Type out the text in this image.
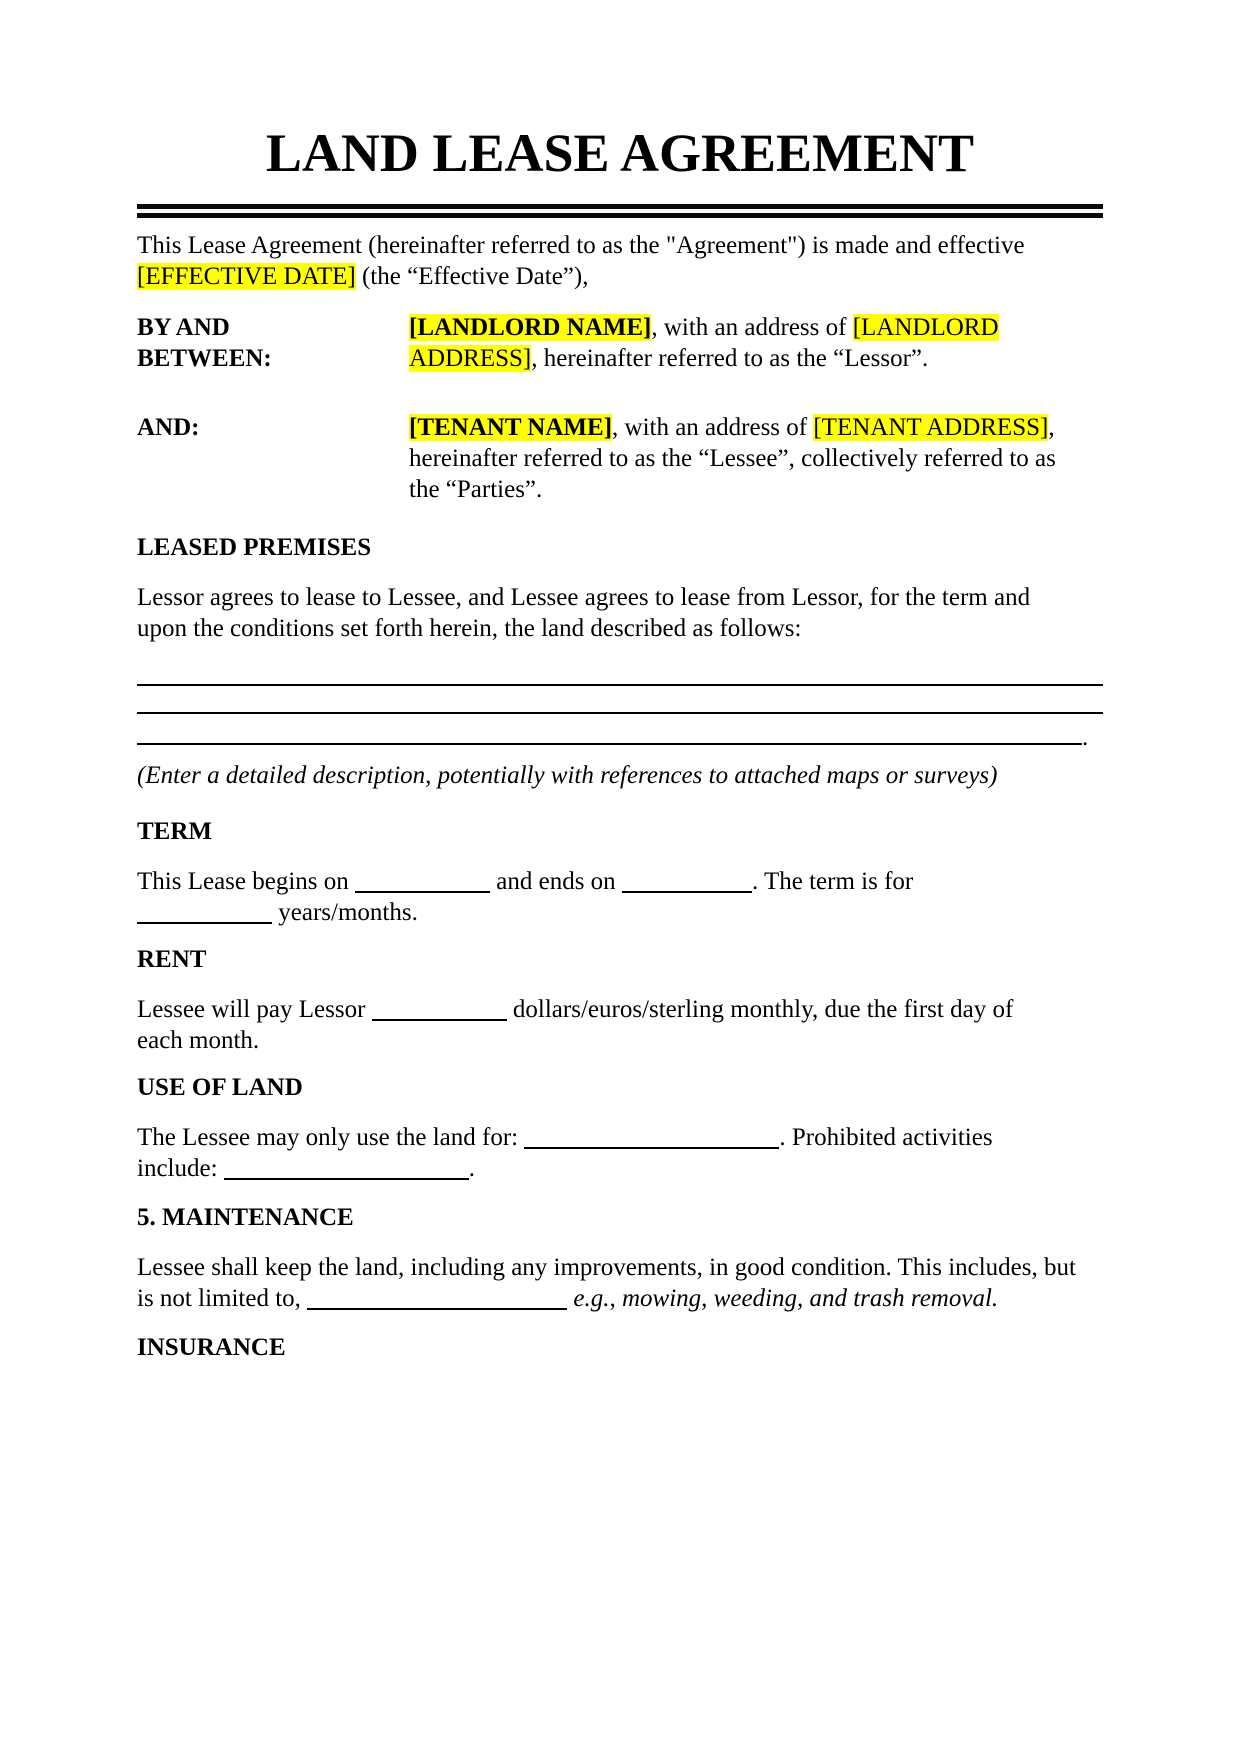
LAND LEASE AGREEMENT
This Lease Agreement (hereinafter referred to as the "Agreement") is made and effective
[EFFECTIVE DATE] (the “Effective Date”),
BY AND BETWEEN:
[LANDLORD NAME], with an address of [LANDLORD
ADDRESS], hereinafter referred to as the “Lessor”.
AND:	[TENANT NAME], with an address of [TENANT ADDRESS],
hereinafter referred to as the “Lessee”, collectively referred to as
the “Parties”.
LEASED PREMISES
Lessor agrees to lease to Lessee, and Lessee agrees to lease from Lessor, for the term and
upon the conditions set forth herein, the land described as follows:
.
(Enter a detailed description, potentially with references to attached maps or surveys)
TERM
This Lease begins on	and ends on	. The term is for
years/months.
RENT
Lessee will pay Lessor	dollars/euros/sterling monthly, due the first day of
each month.
USE OF LAND
The Lessee may only use the land for:	. Prohibited activities
include:	.
5. MAINTENANCE
Lessee shall keep the land, including any improvements, in good condition. This includes, but
is not limited to,	e.g., mowing, weeding, and trash removal.
INSURANCE
